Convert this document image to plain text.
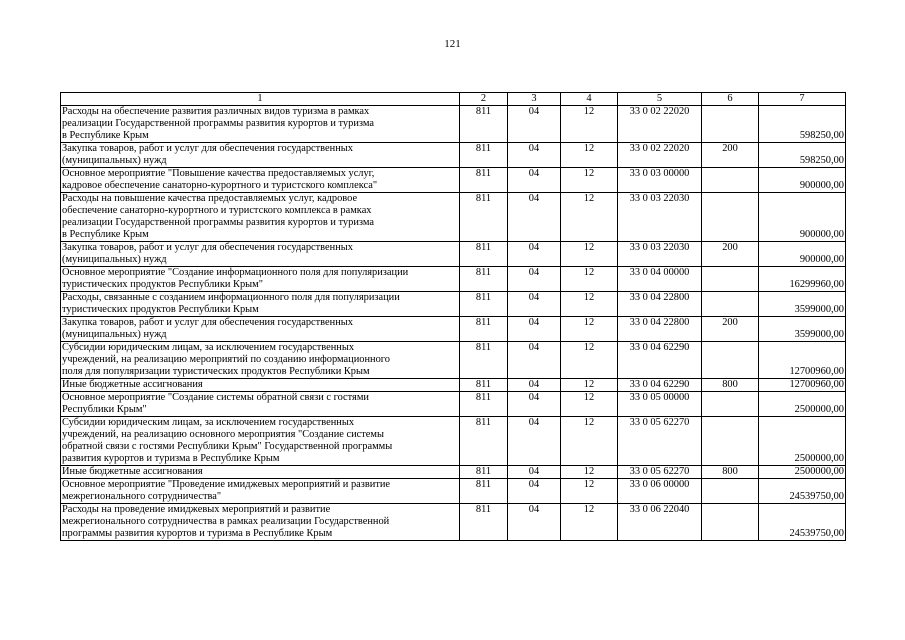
121
1	2	3	4	5	6	7
Расходы на обеспечение развития различных видов туризма в рамках
реализации Государственной программы развития курортов и туризма
в Республике Крым	811	04	12	33 0 02 22020		598250,00
Закупка товаров, работ и услуг для обеспечения государственных
(муниципальных) нужд	811	04	12	33 0 02 22020	200	598250,00
Основное мероприятие "Повышение качества предоставляемых услуг,
кадровое обеспечение санаторно-курортного и туристского комплекса"	811	04	12	33 0 03 00000		900000,00
Расходы на повышение качества предоставляемых услуг, кадровое
обеспечение санаторно-курортного и туристского комплекса в рамках
реализации Государственной программы развития курортов и туризма
в Республике Крым	811	04	12	33 0 03 22030		900000,00
Закупка товаров, работ и услуг для обеспечения государственных
(муниципальных) нужд	811	04	12	33 0 03 22030	200	900000,00
Основное мероприятие "Создание информационного поля для популяризации
туристических продуктов Республики Крым"	811	04	12	33 0 04 00000		16299960,00
Расходы, связанные с созданием информационного поля для популяризации
туристических продуктов Республики Крым	811	04	12	33 0 04 22800		3599000,00
Закупка товаров, работ и услуг для обеспечения государственных
(муниципальных) нужд	811	04	12	33 0 04 22800	200	3599000,00
Субсидии юридическим лицам, за исключением государственных
учреждений, на реализацию мероприятий по созданию информационного
поля для популяризации туристических продуктов Республики Крым	811	04	12	33 0 04 62290		12700960,00
Иные бюджетные ассигнования	811	04	12	33 0 04 62290	800	12700960,00
Основное мероприятие "Создание системы обратной связи с гостями
Республики Крым"	811	04	12	33 0 05 00000		2500000,00
Субсидии юридическим лицам, за исключением государственных
учреждений, на реализацию основного мероприятия "Создание системы
обратной связи с гостями Республики Крым" Государственной программы
развития курортов и туризма в Республике Крым	811	04	12	33 0 05 62270		2500000,00
Иные бюджетные ассигнования	811	04	12	33 0 05 62270	800	2500000,00
Основное мероприятие "Проведение имиджевых мероприятий и развитие
межрегионального сотрудничества"	811	04	12	33 0 06 00000		24539750,00
Расходы на проведение имиджевых мероприятий и развитие
межрегионального сотрудничества в рамках реализации Государственной
программы развития курортов и туризма в Республике Крым	811	04	12	33 0 06 22040		24539750,00
